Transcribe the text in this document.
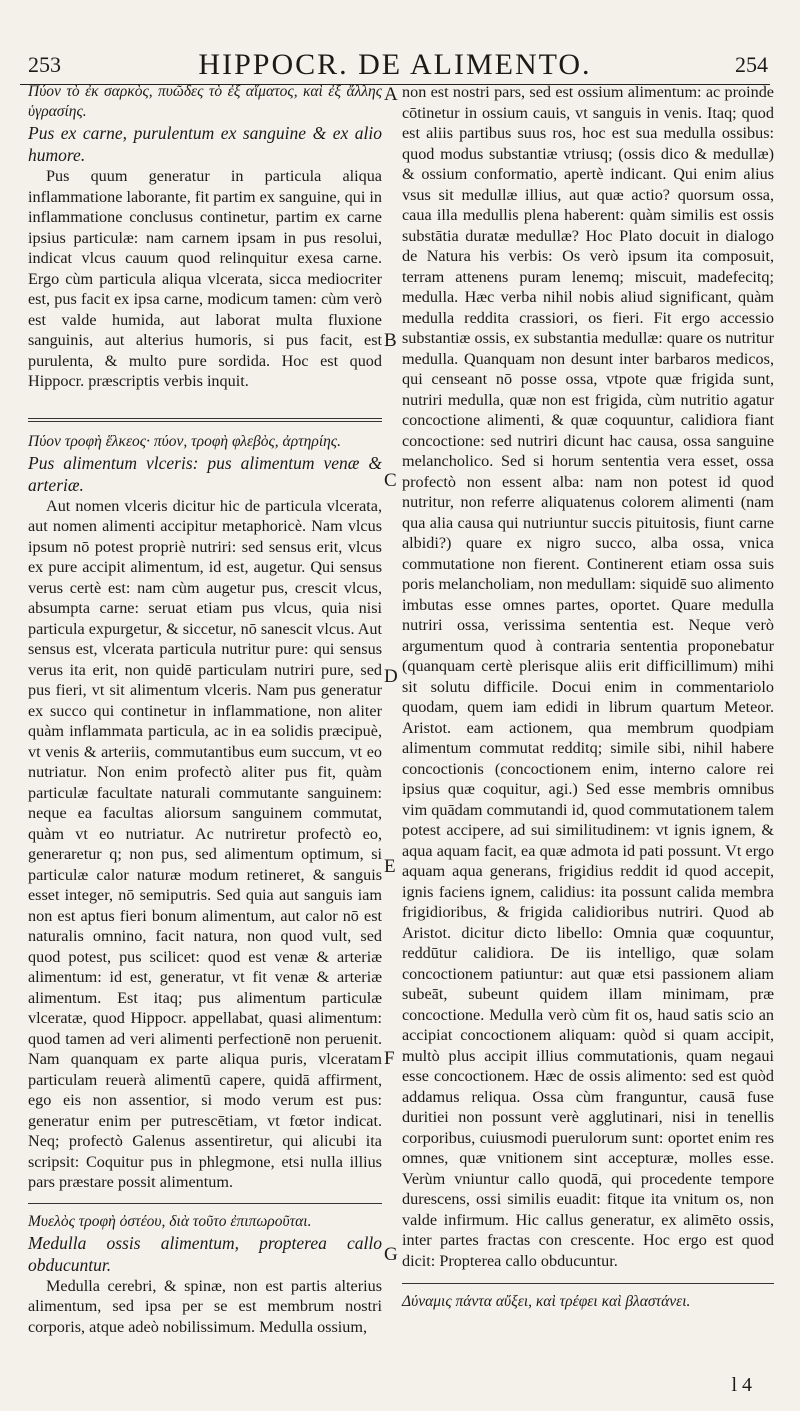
253	HIPPOCR. DE ALIMENTO.	254
A
B
C
D
E
F
G

Πύον τὸ ἐκ σαρκὸς, πυῶδες τὸ ἐξ αἵματος, καὶ ἐξ ἄλλης ὑγρασίης.

Pus ex carne, purulentum ex sanguine & ex alio humore.

Pus quum generatur in particula aliqua inflammatione laborante, fit partim ex sanguine, qui in inflammatione conclusus continetur, partim ex carne ipsius particulæ: nam carnem ipsam in pus resolui, indicat vlcus cauum quod relinquitur exesa carne. Ergo cùm particula aliqua vlcerata, sicca mediocriter est, pus facit ex ipsa carne, modicum tamen: cùm verò est valde humida, aut laborat multa fluxione sanguinis, aut alterius humoris, si pus facit, est purulenta, & multo pure sordida. Hoc est quod Hippocr. præscriptis verbis inquit.

Πύον τροφὴ ἕλκεος· πύον, τροφὴ φλεβὸς, ἀρτηρίης.

Pus alimentum vlceris: pus alimentum venæ & arteriæ.

Aut nomen vlceris dicitur hic de particula vlcerata, aut nomen alimenti accipitur metaphoricè. Nam vlcus ipsum nō potest propriè nutriri: sed sensus erit, vlcus ex pure accipit alimentum, id est, augetur. Qui sensus verus certè est: nam cùm augetur pus, crescit vlcus, absumpta carne: seruat etiam pus vlcus, quia nisi particula expurgetur, & siccetur, nō sanescit vlcus. Aut sensus est, vlcerata particula nutritur pure: qui sensus verus ita erit, non quidē particulam nutriri pure, sed pus fieri, vt sit alimentum vlceris. Nam pus generatur ex succo qui continetur in inflammatione, non aliter quàm inflammata particula, ac in ea solidis præcipuè, vt venis & arteriis, commutantibus eum succum, vt eo nutriatur. Non enim profectò aliter pus fit, quàm particulæ facultate naturali commutante sanguinem: neque ea facultas aliorsum sanguinem commutat, quàm vt eo nutriatur. Ac nutriretur profectò eo, generaretur q; non pus, sed alimentum optimum, si particulæ calor naturæ modum retineret, & sanguis esset integer, nō semiputris. Sed quia aut sanguis iam non est aptus fieri bonum alimentum, aut calor nō est naturalis omnino, facit natura, non quod vult, sed quod potest, pus scilicet: quod est venæ & arteriæ alimentum: id est, generatur, vt fit venæ & arteriæ alimentum. Est itaq; pus alimentum particulæ vlceratæ, quod Hippocr. appellabat, quasi alimentum: quod tamen ad veri alimenti perfectionē non peruenit. Nam quanquam ex parte aliqua puris, vlceratam particulam reuerà alimentū capere, quidā affirment, ego eis non assentior, si modo verum est pus: generatur enim per putrescētiam, vt fœtor indicat. Neq; profectò Galenus assentiretur, qui alicubi ita scripsit: Coquitur pus in phlegmone, etsi nulla illius pars præstare possit alimentum.

Μυελὸς τροφὴ ὀστέου, διὰ τοῦτο ἐπιπωροῦται.

Medulla ossis alimentum, propterea callo obducuntur.

Medulla cerebri, & spinæ, non est partis alterius alimentum, sed ipsa per se est membrum nostri corporis, atque adeò nobilissimum. Medulla ossium,

non est nostri pars, sed est ossium alimentum: ac proinde cōtinetur in ossium cauis, vt sanguis in venis. Itaq; quod est aliis partibus suus ros, hoc est sua medulla ossibus: quod modus substantiæ vtriusq; (ossis dico & medullæ) & ossium conformatio, apertè indicant. Qui enim alius vsus sit medullæ illius, aut quæ actio? quorsum ossa, caua illa medullis plena haberent: quàm similis est ossis substātia duratæ medullæ? Hoc Plato docuit in dialogo de Natura his verbis: Os verò ipsum ita composuit, terram attenens puram lenemq; miscuit, madefecitq; medulla. Hæc verba nihil nobis aliud significant, quàm medulla reddita crassiori, os fieri. Fit ergo accessio substantiæ ossis, ex substantia medullæ: quare os nutritur medulla. Quanquam non desunt inter barbaros medicos, qui censeant nō posse ossa, vtpote quæ frigida sunt, nutriri medulla, quæ non est frigida, cùm nutritio agatur concoctione alimenti, & quæ coquuntur, calidiora fiant concoctione: sed nutriri dicunt hac causa, ossa sanguine melancholico. Sed si horum sententia vera esset, ossa profectò non essent alba: nam non potest id quod nutritur, non referre aliquatenus colorem alimenti (nam qua alia causa qui nutriuntur succis pituitosis, fiunt carne albidi?) quare ex nigro succo, alba ossa, vnica commutatione non fierent. Continerent etiam ossa suis poris melancholiam, non medullam: siquidē suo alimento imbutas esse omnes partes, oportet. Quare medulla nutriri ossa, verissima sententia est. Neque verò argumentum quod à contraria sententia proponebatur (quanquam certè plerisque aliis erit difficillimum) mihi sit solutu difficile. Docui enim in commentariolo quodam, quem iam edidi in librum quartum Meteor. Aristot. eam actionem, qua membrum quodpiam alimentum commutat redditq; simile sibi, nihil habere concoctionis (concoctionem enim, interno calore rei ipsius quæ coquitur, agi.) Sed esse membris omnibus vim quādam commutandi id, quod commutationem talem potest accipere, ad sui similitudinem: vt ignis ignem, & aqua aquam facit, ea quæ admota id pati possunt. Vt ergo aquam aqua generans, frigidius reddit id quod accepit, ignis faciens ignem, calidius: ita possunt calida membra frigidioribus, & frigida calidioribus nutriri. Quod ab Aristot. dicitur dicto libello: Omnia quæ coquuntur, reddūtur calidiora. De iis intelligo, quæ solam concoctionem patiuntur: aut quæ etsi passionem aliam subeāt, subeunt quidem illam minimam, præ concoctione. Medulla verò cùm fit os, haud satis scio an accipiat concoctionem aliquam: quòd si quam accipit, multò plus accipit illius commutationis, quam negaui esse concoctionem. Hæc de ossis alimento: sed est quòd addamus reliqua. Ossa cùm franguntur, causā fuse duritiei non possunt verè agglutinari, nisi in tenellis corporibus, cuiusmodi puerulorum sunt: oportet enim res omnes, quæ vnitionem sint accepturæ, molles esse. Verùm vniuntur callo quodā, qui procedente tempore durescens, ossi similis euadit: fitque ita vnitum os, non valde infirmum. Hic callus generatur, ex alimēto ossis, inter partes fractas con crescente. Hoc ergo est quod dicit: Propterea callo obducuntur.

Δύναμις πάντα αὔξει, καὶ τρέφει καὶ βλαστάνει.

l 4
